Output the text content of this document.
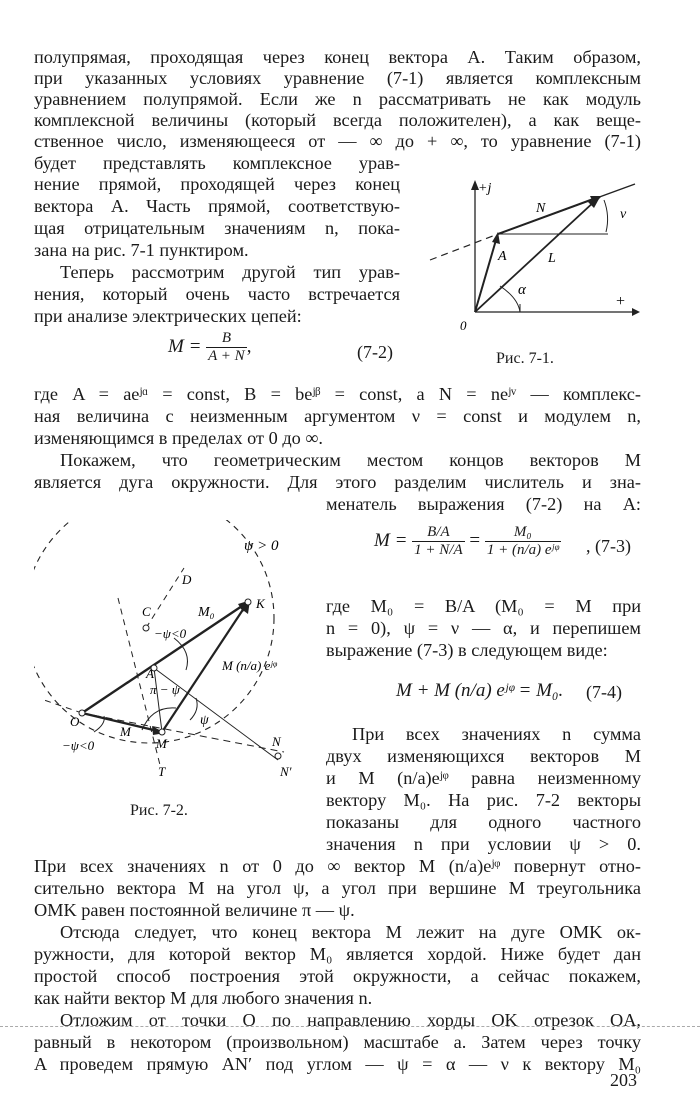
полупрямая, проходящая через конец вектора A. Таким образом,
при указанных условиях уравнение (7-1) является комплексным
уравнением полупрямой. Если же n рассматривать не как модуль
комплексной величины (который всегда положителен), а как веще-
ственное число, изменяющееся от — ∞ до + ∞, то уравнение (7-1)
будет представлять комплексное урав-
нение прямой, проходящей через конец
вектора A. Часть прямой, соответствую-
щая отрицательным значениям n, пока-
зана на рис. 7-1 пунктиром.
Теперь рассмотрим другой тип урав-
нения, который очень часто встречается
при анализе электрических цепей:
$M = \frac{B}{A + N}$ ,	(7-2)
+j
+
N
A	L
α
ν
0
Рис. 7-1.
где A = aeʲᵅ = const, B = beʲᵝ = const, а N = neʲᵛ — комплекс-
ная величина с неизменным аргументом ν = const и модулем n,
изменяющимся в пределах от 0 до ∞.
Покажем, что геометрическим местом концов векторов M
является дуга окружности. Для этого разделим числитель и зна-
менатель выражения (7-2) на A:
$M = \frac{B/A}{1 + N/A} = \frac{\text{M₀}}{\text{1 + (n/a) eʲᵠ}}$ , (7-3)
где M₀ = B/A (M₀ = M при
n = 0), ψ = ν — α, и перепишем
выражение (7-3) в следующем виде:
M + M (n/a) eʲᵠ = M₀. (7-4)
При всех значениях n сумма
двух изменяющихся векторов M
и M (n/a)eʲᵠ равна неизменному
вектору M₀. На рис. 7-2 векторы
показаны для одного частного
значения n при условии ψ > 0.
ψ > 0
D
C
K
M₀
−ψ<0
A
π − ψ
ψ
M
O
M	N
N′
T
−ψ<0
M (n/a) eʲᵠ
Рис. 7-2.
При всех значениях n от 0 до ∞ вектор M (n/a)eʲᵠ повернут отно-
сительно вектора M на угол ψ, а угол при вершине M треугольника
OMK равен постоянной величине π — ψ.
Отсюда следует, что конец вектора M лежит на дуге OMK ок-
ружности, для которой вектор M₀ является хордой. Ниже будет дан
простой способ построения этой окружности, а сейчас покажем,
как найти вектор M для любого значения n.
Отложим от точки O по направлению хорды OK отрезок OA,
равный в некотором (произвольном) масштабе a. Затем через точку
A проведем прямую AN′ под углом — ψ = α — ν к вектору M₀
203
